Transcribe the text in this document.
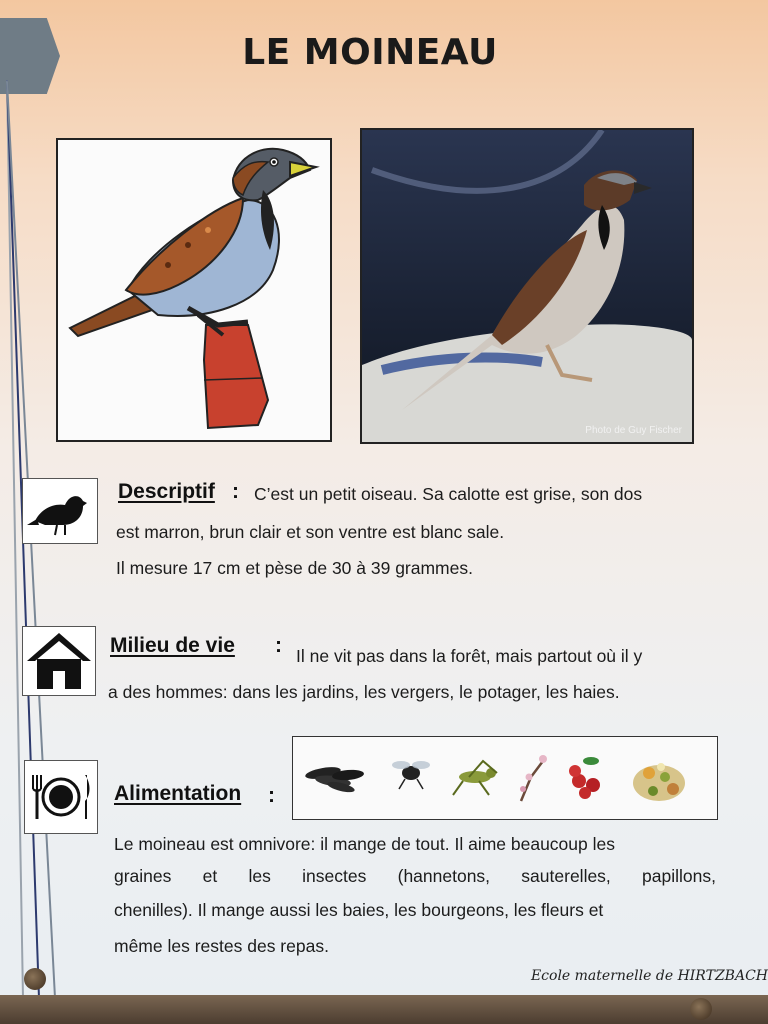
LE MOINEAU
Photo de Guy Fischer
Descriptif : C’est un petit oiseau. Sa calotte est grise, son dos
est marron, brun clair et son ventre est blanc sale.
Il mesure 17 cm et pèse de 30 à 39 grammes.
Milieu de vie : Il ne vit pas dans la forêt, mais partout où il y
a des hommes: dans les jardins, les vergers, le potager, les haies.
Alimentation :
Le moineau est omnivore: il mange de tout. Il aime beaucoup les
graines et les insectes (hannetons, sauterelles, papillons,
chenilles). Il mange aussi les baies, les bourgeons, les fleurs et
même les restes des repas.
Ecole maternelle de HIRTZBACH
